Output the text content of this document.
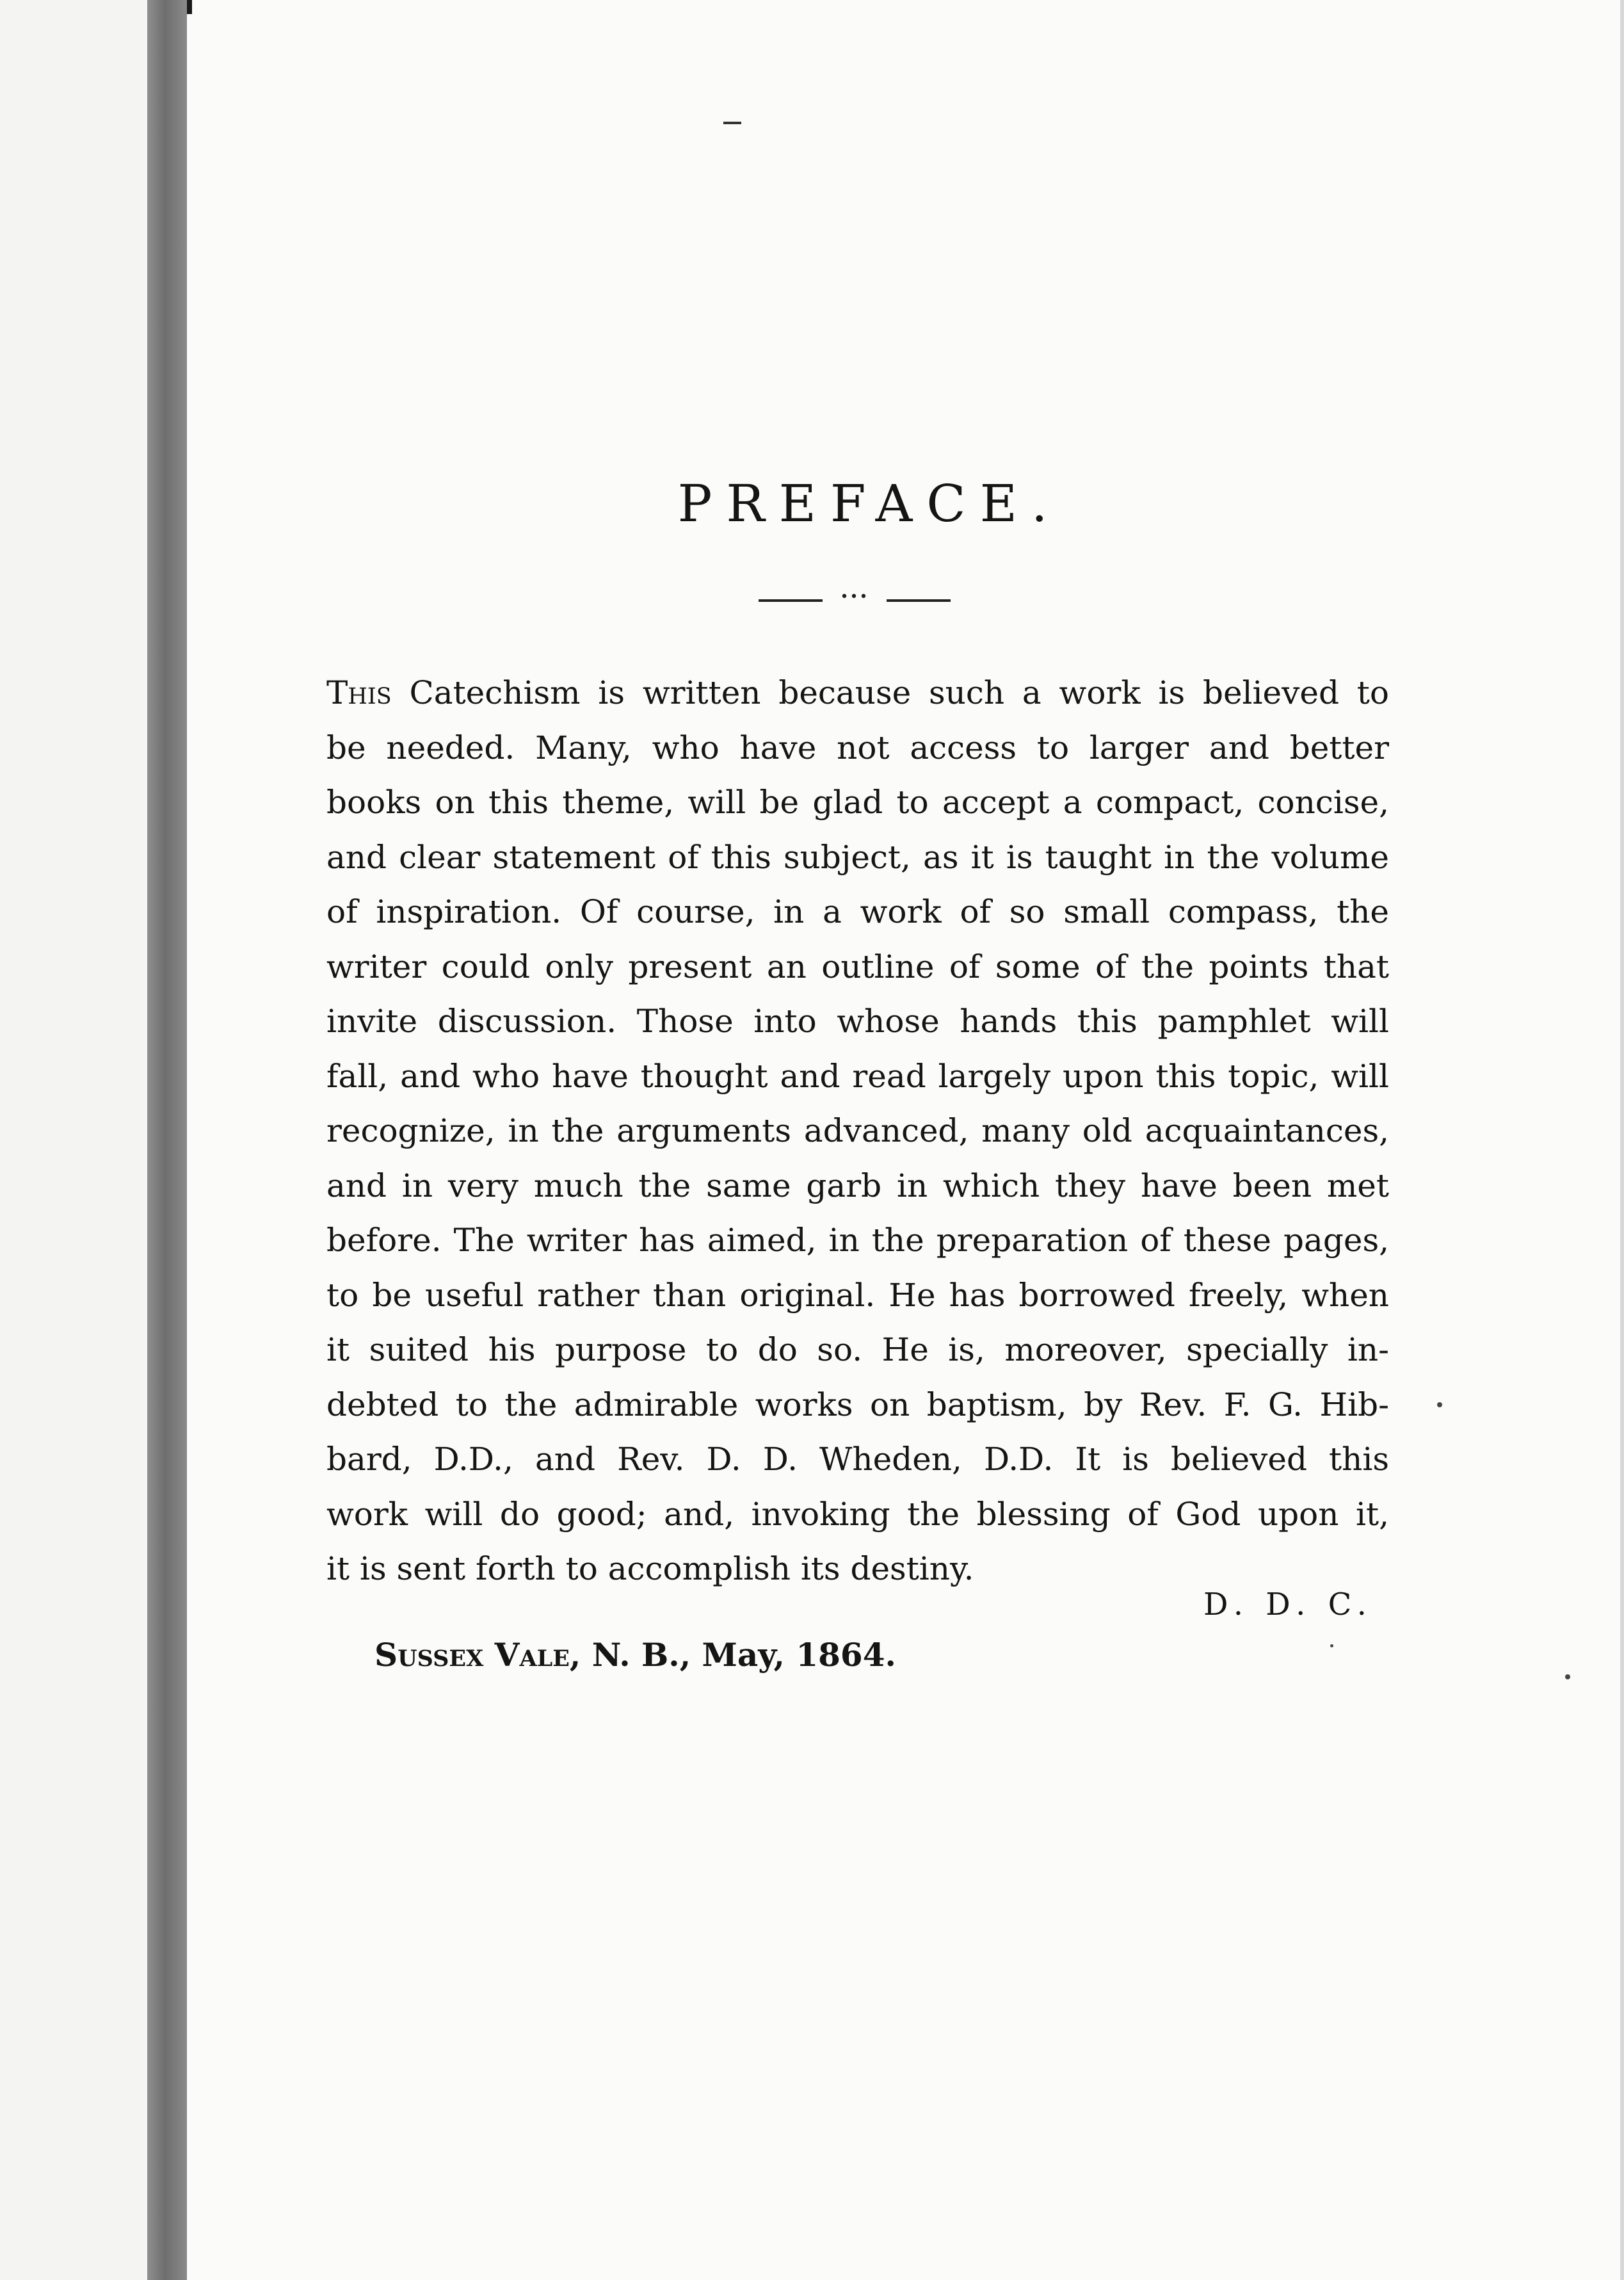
PREFACE.
•••
This Catechism is written because such a work is believed to
be needed. Many, who have not access to larger and better
books on this theme, will be glad to accept a compact, concise,
and clear statement of this subject, as it is taught in the volume
of inspiration. Of course, in a work of so small compass, the
writer could only present an outline of some of the points that
invite discussion. Those into whose hands this pamphlet will
fall, and who have thought and read largely upon this topic, will
recognize, in the arguments advanced, many old acquaintances,
and in very much the same garb in which they have been met
before. The writer has aimed, in the preparation of these pages,
to be useful rather than original. He has borrowed freely, when
it suited his purpose to do so. He is, moreover, specially in-
debted to the admirable works on baptism, by Rev. F. G. Hib-
bard, D.D., and Rev. D. D. Wheden, D.D. It is believed this
work will do good; and, invoking the blessing of God upon it,
it is sent forth to accomplish its destiny.
D. D. C.
Sussex Vale, N. B., May, 1864.
